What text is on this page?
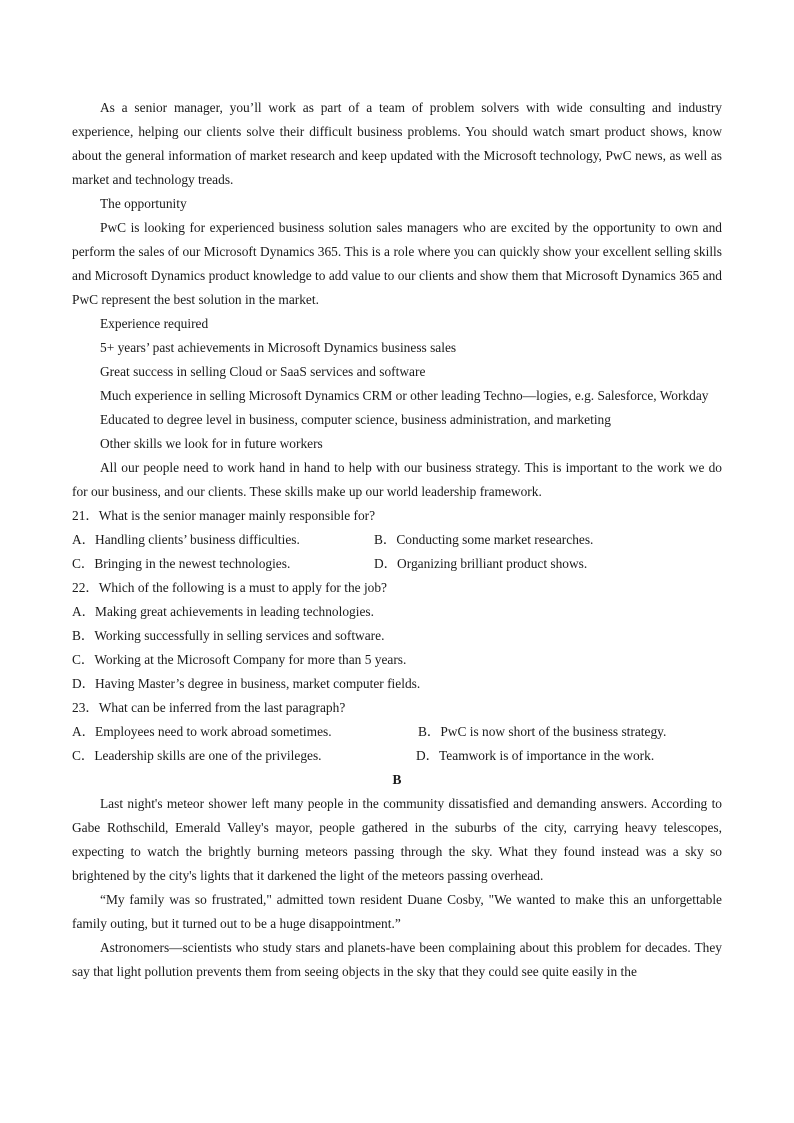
As a senior manager, you’ll work as part of a team of problem solvers with wide consulting and industry experience, helping our clients solve their difficult business problems. You should watch smart product shows, know about the general information of market research and keep updated with the Microsoft technology, PwC news, as well as market and technology treads.

The opportunity

PwC is looking for experienced business solution sales managers who are excited by the opportunity to own and perform the sales of our Microsoft Dynamics 365. This is a role where you can quickly show your excellent selling skills and Microsoft Dynamics product knowledge to add value to our clients and show them that Microsoft Dynamics 365 and PwC represent the best solution in the market.

Experience required

5+ years’ past achievements in Microsoft Dynamics business sales

Great success in selling Cloud or SaaS services and software

Much experience in selling Microsoft Dynamics CRM or other leading Techno—logies, e.g. Salesforce, Workday

Educated to degree level in business, computer science, business administration, and marketing

Other skills we look for in future workers

All our people need to work hand in hand to help with our business strategy. This is important to the work we do for our business, and our clients. These skills make up our world leadership framework.

21．What is the senior manager mainly responsible for?

A．Handling clients’ business difficulties.	B．Conducting some market researches.
C．Bringing in the newest technologies.	D．Organizing brilliant product shows.

22．Which of the following is a must to apply for the job?

A．Making great achievements in leading technologies.

B．Working successfully in selling services and software.

C．Working at the Microsoft Company for more than 5 years.

D．Having Master’s degree in business, market computer fields.

23．What can be inferred from the last paragraph?

A．Employees need to work abroad sometimes.	B．PwC is now short of the business strategy.
C．Leadership skills are one of the privileges.	D．Teamwork is of importance in the work.

B

Last night's meteor shower left many people in the community dissatisfied and demanding answers. According to Gabe Rothschild, Emerald Valley's mayor, people gathered in the suburbs of the city, carrying heavy telescopes, expecting to watch the brightly burning meteors passing through the sky. What they found instead was a sky so brightened by the city's lights that it darkened the light of the meteors passing overhead.

“My family was so frustrated," admitted town resident Duane Cosby, "We wanted to make this an unforgettable family outing, but it turned out to be a huge disappointment.”

Astronomers—scientists who study stars and planets-have been complaining about this problem for decades. They say that light pollution prevents them from seeing objects in the sky that they could see quite easily in the
